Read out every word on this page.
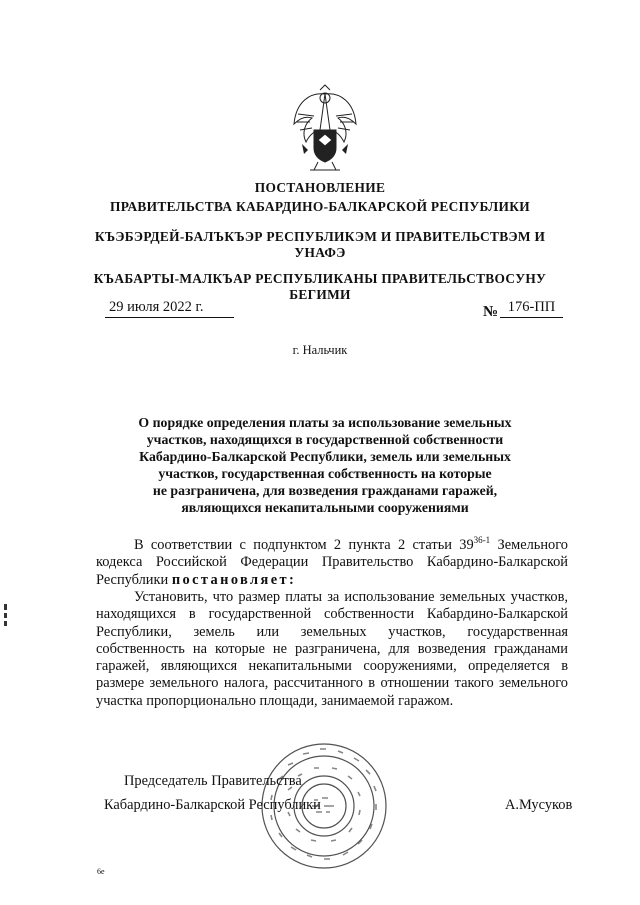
ПОСТАНОВЛЕНИЕ
ПРАВИТЕЛЬСТВА КАБАРДИНО-БАЛКАРСКОЙ РЕСПУБЛИКИ
КЪЭБЭРДЕЙ-БАЛЪКЪЭР РЕСПУБЛИКЭМ И ПРАВИТЕЛЬСТВЭМ И
УНАФЭ
КЪАБАРТЫ-МАЛКЪАР РЕСПУБЛИКАНЫ ПРАВИТЕЛЬСТВОСУНУ
БЕГИМИ
29 июля 2022 г.	№ 176-ПП
г. Нальчик
О порядке определения платы за использование земельных
участков, находящихся в государственной собственности
Кабардино-Балкарской Республики, земель или земельных
участков, государственная собственность на которые
не разграничена, для возведения гражданами гаражей,
являющихся некапитальными сооружениями
В соответствии с подпунктом 2 пункта 2 статьи 39$^{36-1}$ Земельного кодекса Российской Федерации Правительство Кабардино-Балкарской Республики постановляет:
Установить, что размер платы за использование земельных участков, находящихся в государственной собственности Кабардино-Балкарской Республики, земель или земельных участков, государственная собственность на которые не разграничена, для возведения гражданами гаражей, являющихся некапитальными сооружениями, определяется в размере земельного налога, рассчитанного в отношении такого земельного участка пропорционально площади, занимаемой гаражом.
Председатель Правительства
Кабардино-Балкарской Республики	А.Мусуков
6е
